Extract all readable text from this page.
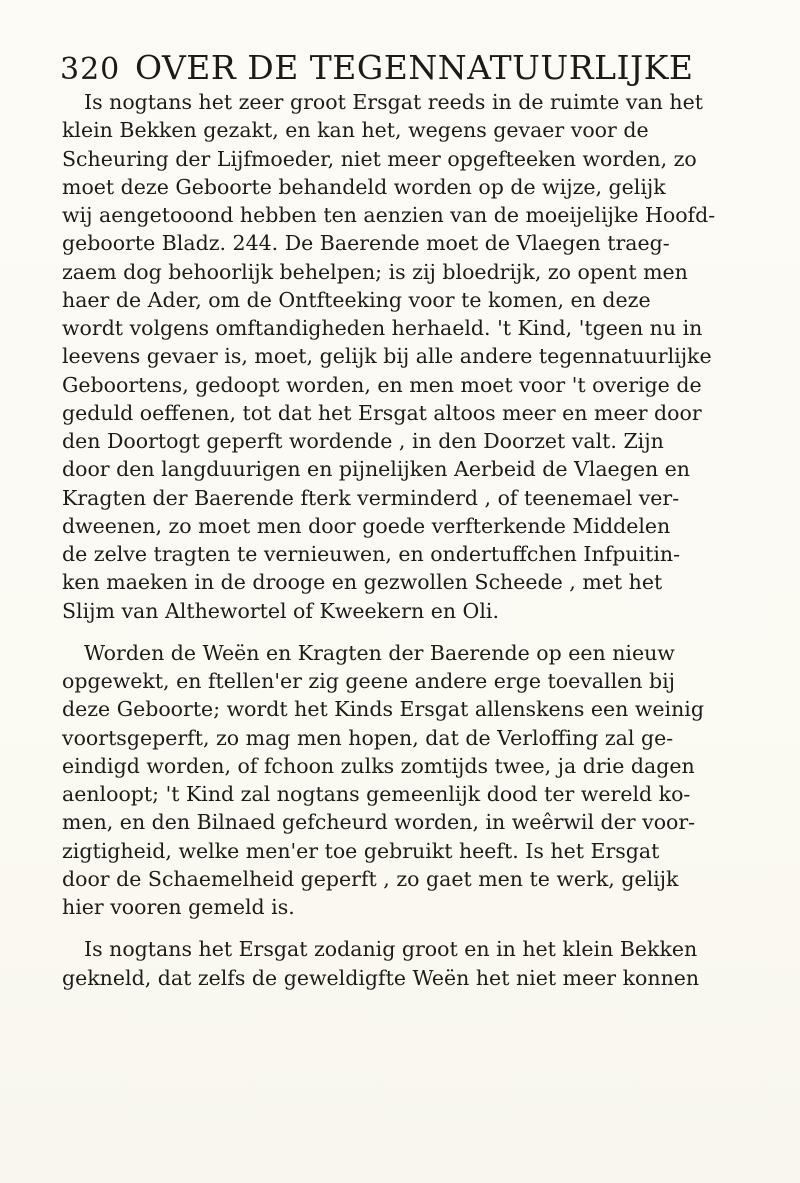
320 OVER DE TEGENNATUURLIJKE

Is nogtans het zeer groot Ersgat reeds in de ruimte van het
klein Bekken gezakt, en kan het, wegens gevaer voor de
Scheuring der Lijfmoeder, niet meer opgefteeken worden, zo
moet deze Geboorte behandeld worden op de wijze, gelijk
wij aengetooond hebben ten aenzien van de moeijelijke Hoofd-
geboorte Bladz. 244. De Baerende moet de Vlaegen traeg-
zaem dog behoorlijk behelpen; is zij bloedrijk, zo opent men
haer de Ader, om de Ontfteeking voor te komen, en deze
wordt volgens omftandigheden herhaeld. 't Kind, 'tgeen nu in
leevens gevaer is, moet, gelijk bij alle andere tegennatuurlijke
Geboortens, gedoopt worden, en men moet voor 't overige de
geduld oeffenen, tot dat het Ersgat altoos meer en meer door
den Doortogt geperft wordende , in den Doorzet valt. Zijn
door den langduurigen en pijnelijken Aerbeid de Vlaegen en
Kragten der Baerende fterk verminderd , of teenemael ver-
dweenen, zo moet men door goede verfterkende Middelen
de zelve tragten te vernieuwen, en ondertuffchen Infpuitin-
ken maeken in de drooge en gezwollen Scheede , met het
Slijm van Althewortel of Kweekern en Oli.

Worden de Weën en Kragten der Baerende op een nieuw
opgewekt, en ftellen'er zig geene andere erge toevallen bij
deze Geboorte; wordt het Kinds Ersgat allenskens een weinig
voortsgeperft, zo mag men hopen, dat de Verloffing zal ge-
eindigd worden, of fchoon zulks zomtijds twee, ja drie dagen
aenloopt; 't Kind zal nogtans gemeenlijk dood ter wereld ko-
men, en den Bilnaed gefcheurd worden, in weêrwil der voor-
zigtigheid, welke men'er toe gebruikt heeft. Is het Ersgat
door de Schaemelheid geperft , zo gaet men te werk, gelijk
hier vooren gemeld is.

Is nogtans het Ersgat zodanig groot en in het klein Bekken
gekneld, dat zelfs de geweldigfte Weën het niet meer konnen
